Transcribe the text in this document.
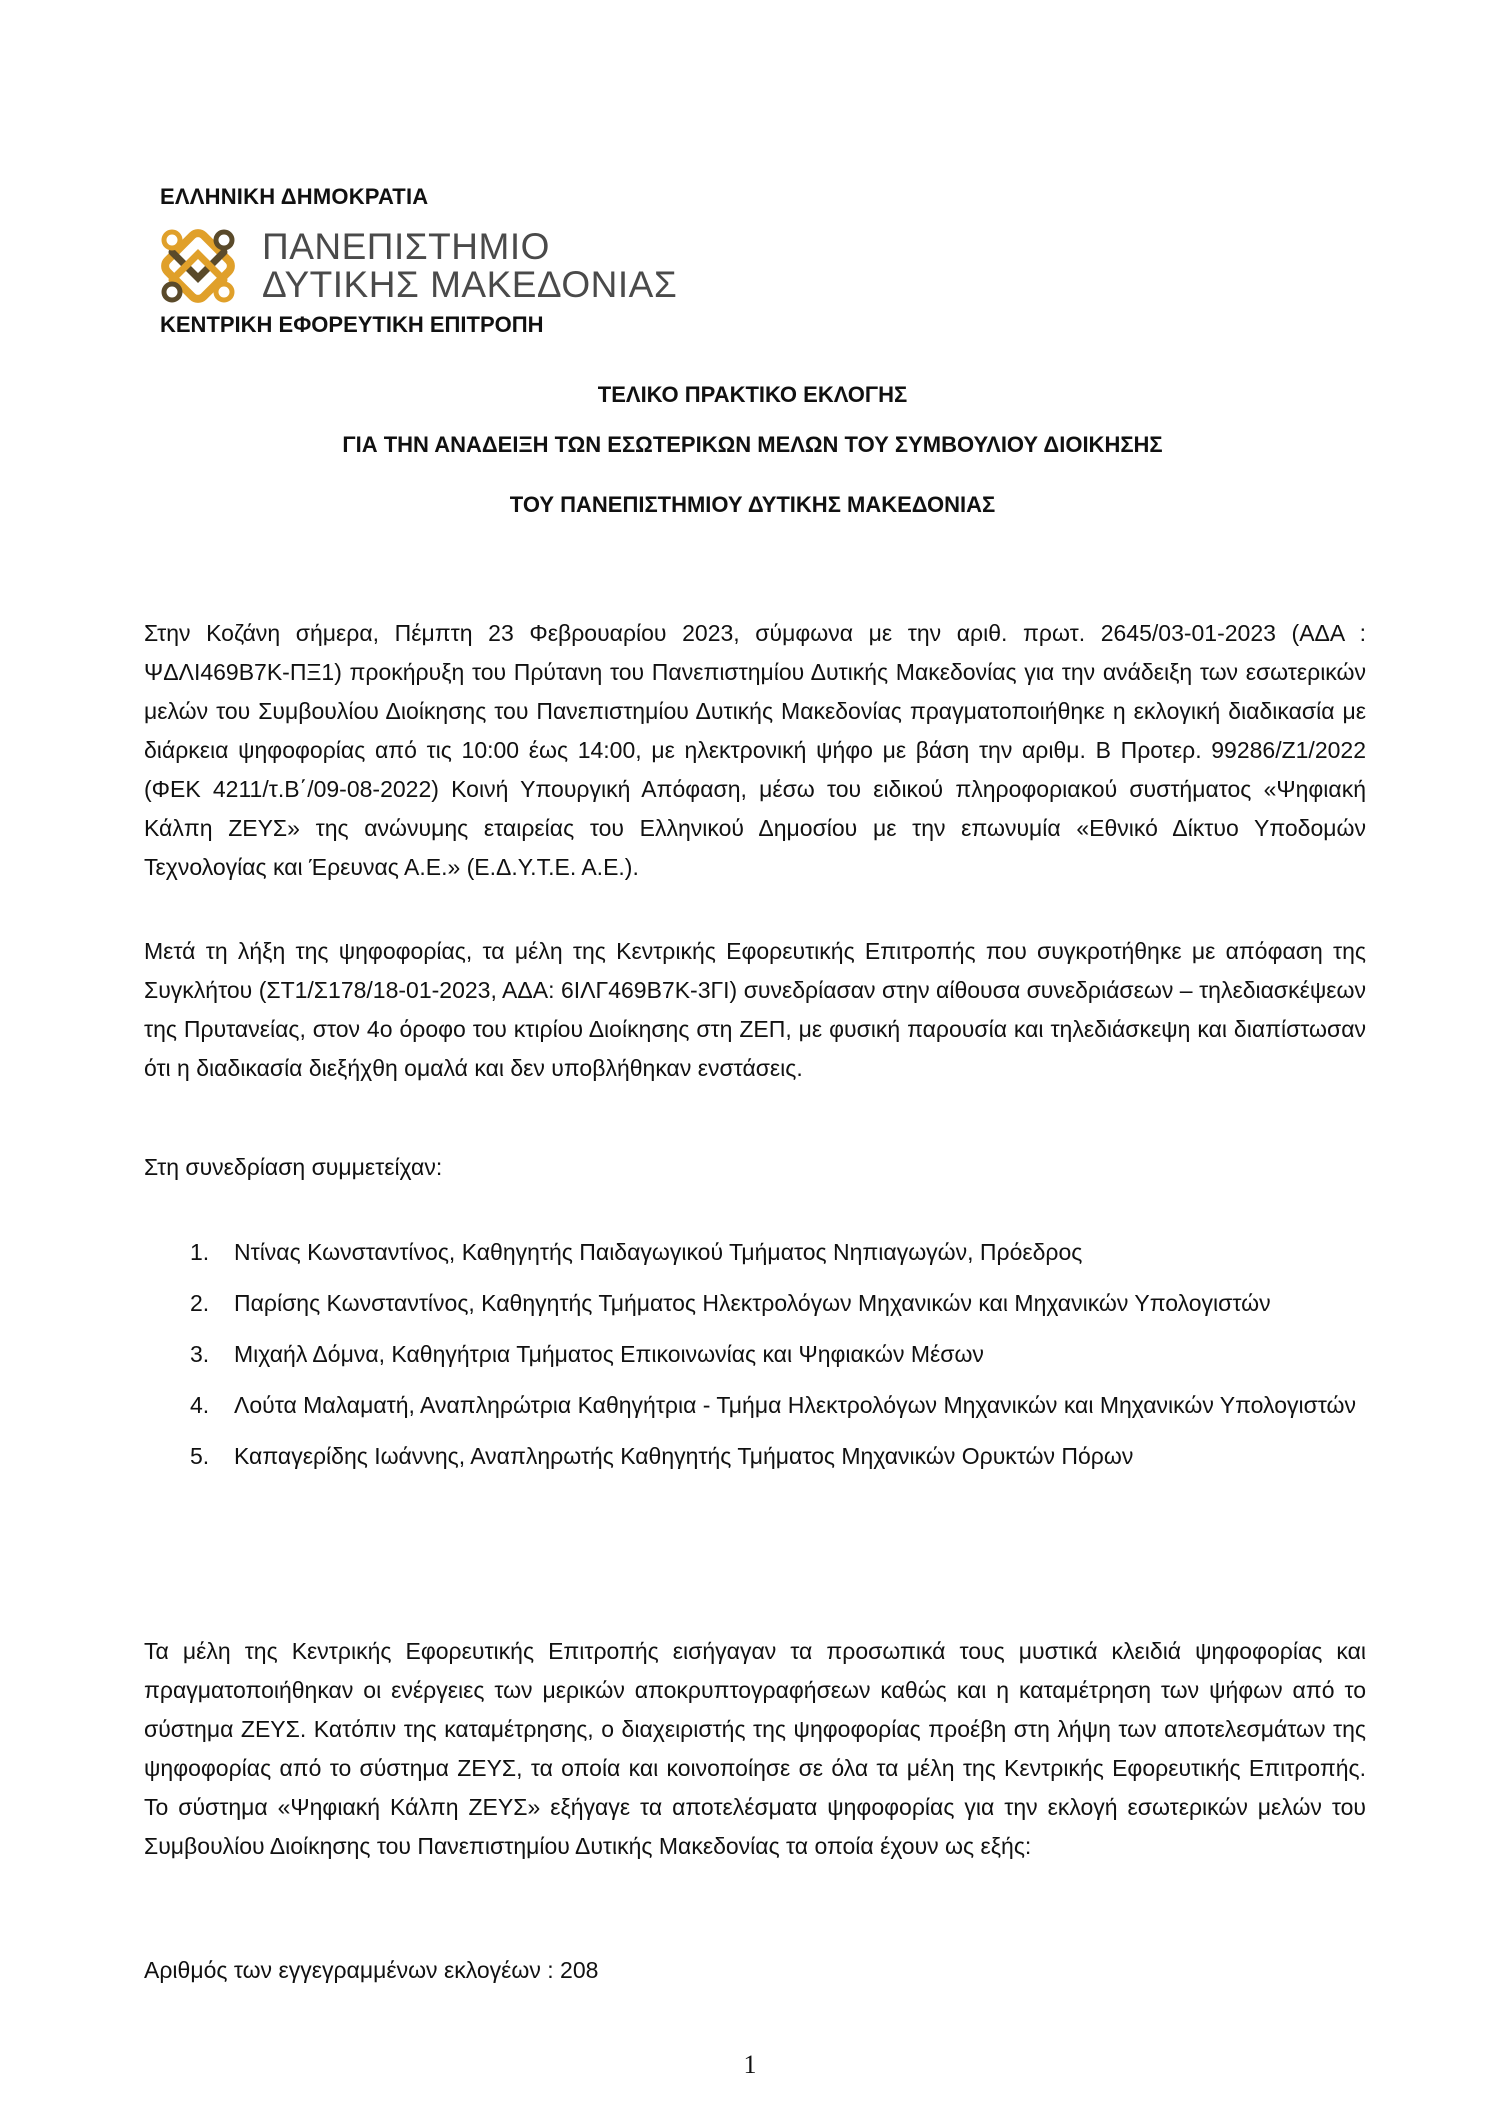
ΕΛΛΗΝΙΚΗ ΔΗΜΟΚΡΑΤΙΑ
ΠΑΝΕΠΙΣΤΗΜΙΟ
ΔΥΤΙΚΗΣ ΜΑΚΕΔΟΝΙΑΣ
ΚΕΝΤΡΙΚΗ ΕΦΟΡΕΥΤΙΚΗ ΕΠΙΤΡΟΠΗ
ΤΕΛΙΚΟ ΠΡΑΚΤΙΚΟ ΕΚΛΟΓΗΣ
ΓΙΑ ΤΗΝ ΑΝΑΔΕΙΞΗ ΤΩΝ ΕΣΩΤΕΡΙΚΩΝ ΜΕΛΩΝ ΤΟΥ ΣΥΜΒΟΥΛΙΟΥ ΔΙΟΙΚΗΣΗΣ
ΤΟΥ ΠΑΝΕΠΙΣΤΗΜΙΟΥ ΔΥΤΙΚΗΣ ΜΑΚΕΔΟΝΙΑΣ
Στην Κοζάνη σήμερα, Πέμπτη 23 Φεβρουαρίου 2023, σύμφωνα με την αριθ. πρωτ. 2645/03-01-2023 (ΑΔΑ : ΨΔΛΙ469Β7Κ-ΠΞ1) προκήρυξη του Πρύτανη του Πανεπιστημίου Δυτικής Μακεδονίας για την ανάδειξη των εσωτερικών μελών του Συμβουλίου Διοίκησης του Πανεπιστημίου Δυτικής Μακεδονίας πραγματοποιήθηκε η εκλογική διαδικασία με διάρκεια ψηφοφορίας από τις 10:00 έως 14:00, με ηλεκτρονική ψήφο με βάση την αριθμ. Β Προτερ. 99286/Ζ1/2022 (ΦΕΚ 4211/τ.Β΄/09-08-2022) Κοινή Υπουργική Απόφαση, μέσω του ειδικού πληροφοριακού συστήματος «Ψηφιακή Κάλπη ΖΕΥΣ» της ανώνυμης εταιρείας του Ελληνικού Δημοσίου με την επωνυμία «Εθνικό Δίκτυο Υποδομών Τεχνολογίας και Έρευνας Α.Ε.» (Ε.Δ.Υ.Τ.Ε. Α.Ε.).
Μετά τη λήξη της ψηφοφορίας, τα μέλη της Κεντρικής Εφορευτικής Επιτροπής που συγκροτήθηκε με απόφαση της Συγκλήτου (ΣΤ1/Σ178/18-01-2023, ΑΔΑ: 6ΙΛΓ469Β7Κ-3ΓΙ) συνεδρίασαν στην αίθουσα συνεδριάσεων – τηλεδιασκέψεων της Πρυτανείας, στον 4ο όροφο του κτιρίου Διοίκησης στη ΖΕΠ, με φυσική παρουσία και τηλεδιάσκεψη και διαπίστωσαν ότι η διαδικασία διεξήχθη ομαλά και δεν υποβλήθηκαν ενστάσεις.
Στη συνεδρίαση συμμετείχαν:
1. Ντίνας Κωνσταντίνος, Καθηγητής Παιδαγωγικού Τμήματος Νηπιαγωγών, Πρόεδρος
2. Παρίσης Κωνσταντίνος, Καθηγητής Τμήματος Ηλεκτρολόγων Μηχανικών και Μηχανικών Υπολογιστών
3. Μιχαήλ Δόμνα, Καθηγήτρια Τμήματος Επικοινωνίας και Ψηφιακών Μέσων
4. Λούτα Μαλαματή, Αναπληρώτρια Καθηγήτρια - Τμήμα Ηλεκτρολόγων Μηχανικών και Μηχανικών Υπολογιστών
5. Καπαγερίδης Ιωάννης, Αναπληρωτής Καθηγητής Τμήματος Μηχανικών Ορυκτών Πόρων
Τα μέλη της Κεντρικής Εφορευτικής Επιτροπής εισήγαγαν τα προσωπικά τους μυστικά κλειδιά ψηφοφορίας και πραγματοποιήθηκαν οι ενέργειες των μερικών αποκρυπτογραφήσεων καθώς και η καταμέτρηση των ψήφων από το σύστημα ΖΕΥΣ. Κατόπιν της καταμέτρησης, ο διαχειριστής της ψηφοφορίας προέβη στη λήψη των αποτελεσμάτων της ψηφοφορίας από το σύστημα ΖΕΥΣ, τα οποία και κοινοποίησε σε όλα τα μέλη της Κεντρικής Εφορευτικής Επιτροπής. Το σύστημα «Ψηφιακή Κάλπη ΖΕΥΣ» εξήγαγε τα αποτελέσματα ψηφοφορίας για την εκλογή εσωτερικών μελών του Συμβουλίου Διοίκησης του Πανεπιστημίου Δυτικής Μακεδονίας τα οποία έχουν ως εξής:
Αριθμός των εγγεγραμμένων εκλογέων : 208
1
